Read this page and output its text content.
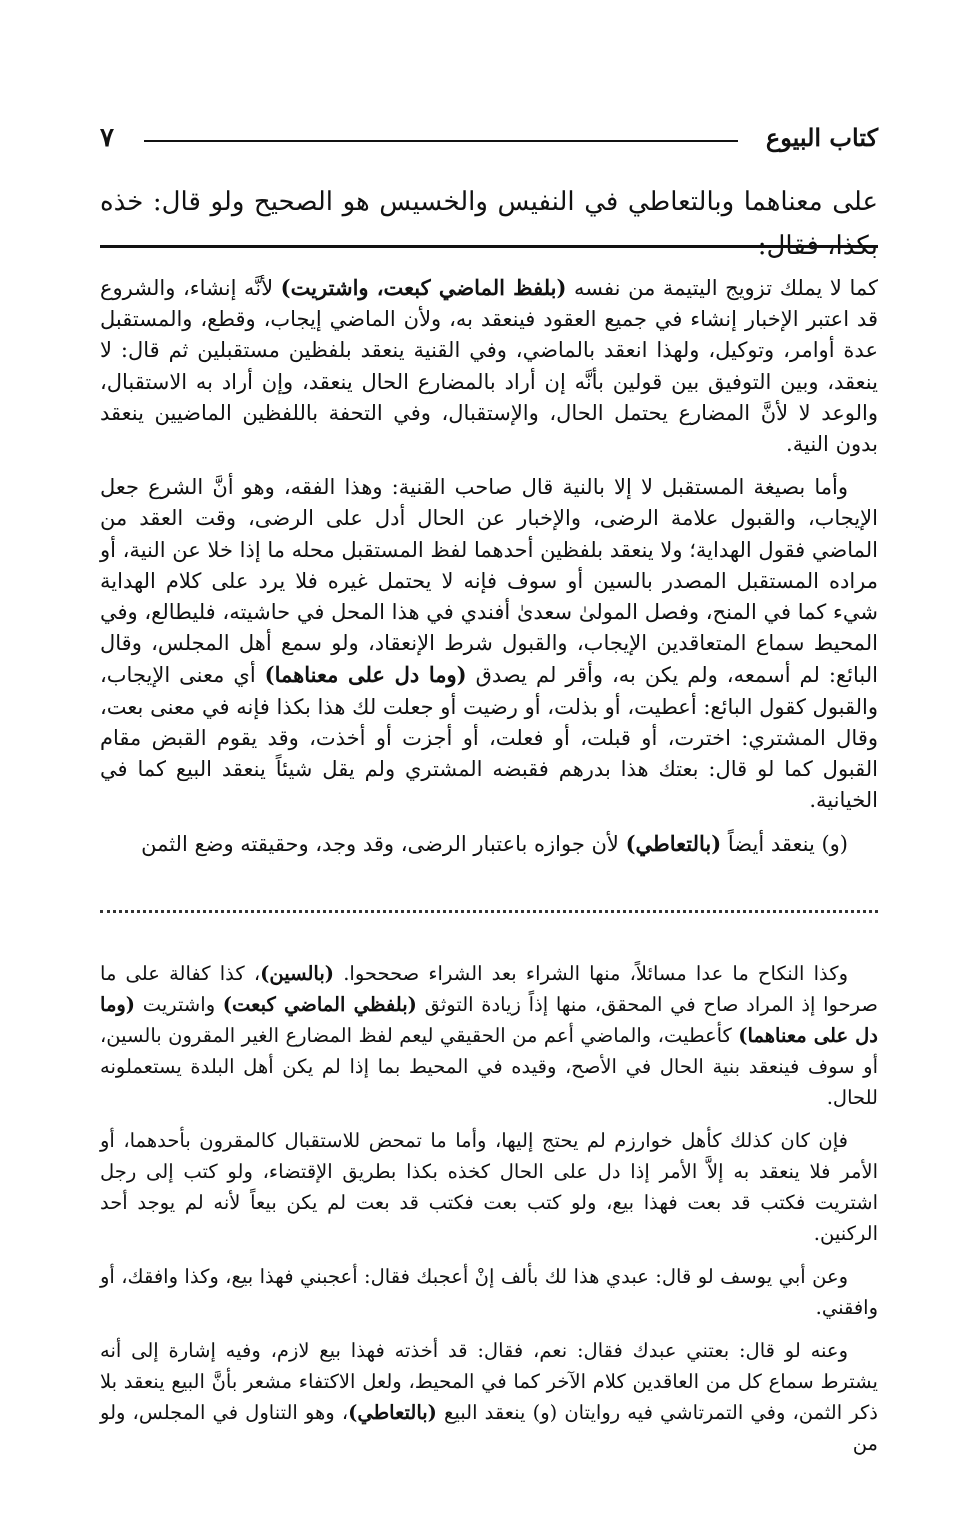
كتاب البيوع
٧
على معناهما وبالتعاطي في النفيس والخسيس هو الصحيح ولو قال: خذه بكذا، فقال:

كما لا يملك تزويج اليتيمة من نفسه (بلفظ الماضي كبعت، واشتريت) لأنَّه إنشاء، والشروع قد اعتبر الإخبار إنشاء في جميع العقود فينعقد به، ولأن الماضي إيجاب، وقطع، والمستقبل عدة أوامر، وتوكيل، ولهذا انعقد بالماضي، وفي القنية ينعقد بلفظين مستقبلين ثم قال: لا ينعقد، وبين التوفيق بين قولين بأنَّه إن أراد بالمضارع الحال ينعقد، وإن أراد به الاستقبال، والوعد لا لأنَّ المضارع يحتمل الحال، والإستقبال، وفي التحفة باللفظين الماضيين ينعقد بدون النية.

وأما بصيغة المستقبل لا إلا بالنية قال صاحب القنية: وهذا الفقه، وهو أنَّ الشرع جعل الإيجاب، والقبول علامة الرضى، والإخبار عن الحال أدل على الرضى، وقت العقد من الماضي فقول الهداية؛ ولا ينعقد بلفظين أحدهما لفظ المستقبل محله ما إذا خلا عن النية، أو مراده المستقبل المصدر بالسين أو سوف فإنه لا يحتمل غيره فلا يرد على كلام الهداية شيء كما في المنح، وفصل المولىٰ سعدىٰ أفندي في هذا المحل في حاشيته، فليطالع، وفي المحيط سماع المتعاقدين الإيجاب، والقبول شرط الإنعقاد، ولو سمع أهل المجلس، وقال البائع: لم أسمعه، ولم يكن به، وأقر لم يصدق (وما دل على معناهما) أي معنى الإيجاب، والقبول كقول البائع: أعطيت، أو بذلت، أو رضيت أو جعلت لك هذا بكذا فإنه في معنى بعت، وقال المشتري: اخترت، أو قبلت، أو فعلت، أو أجزت أو أخذت، وقد يقوم القبض مقام القبول كما لو قال: بعتك هذا بدرهم فقبضه المشتري ولم يقل شيئاً ينعقد البيع كما في الخيانية.

(و) ينعقد أيضاً (بالتعاطي) لأن جوازه باعتبار الرضى، وقد وجد، وحقيقته وضع الثمن

وكذا النكاح ما عدا مسائلاً، منها الشراء بعد الشراء صحححوا. (بالسين)، كذا كفالة على ما صرحوا إذ المراد صاح في المحقق، منها إذاً زيادة التوثق (بلفظي الماضي كبعت) واشتريت (وما دل على معناهما) كأعطيت، والماضي أعم من الحقيقي ليعم لفظ المضارع الغير المقرون بالسين، أو سوف فينعقد بنية الحال في الأصح، وقيده في المحيط بما إذا لم يكن أهل البلدة يستعملونه للحال.

فإن كان كذلك كأهل خوارزم لم يحتج إليها، وأما ما تمحض للاستقبال كالمقرون بأحدهما، أو الأمر فلا ينعقد به إلاَّ الأمر إذا دل على الحال كخذه بكذا بطريق الإقتضاء، ولو كتب إلى رجل اشتريت فكتب قد بعت فهذا بيع، ولو كتب بعت فكتب قد بعت لم يكن بيعاً لأنه لم يوجد أحد الركنين.

وعن أبي يوسف لو قال: عبدي هذا لك بألف إنْ أعجبك فقال: أعجبني فهذا بيع، وكذا وافقك، أو وافقني.

وعنه لو قال: بعتني عبدك فقال: نعم، فقال: قد أخذته فهذا بيع لازم، وفيه إشارة إلى أنه يشترط سماع كل من العاقدين كلام الآخر كما في المحيط، ولعل الاكتفاء مشعر بأنَّ البيع ينعقد بلا ذكر الثمن، وفي التمرتاشي فيه روايتان (و) ينعقد البيع (بالتعاطي)، وهو التناول في المجلس، ولو من
